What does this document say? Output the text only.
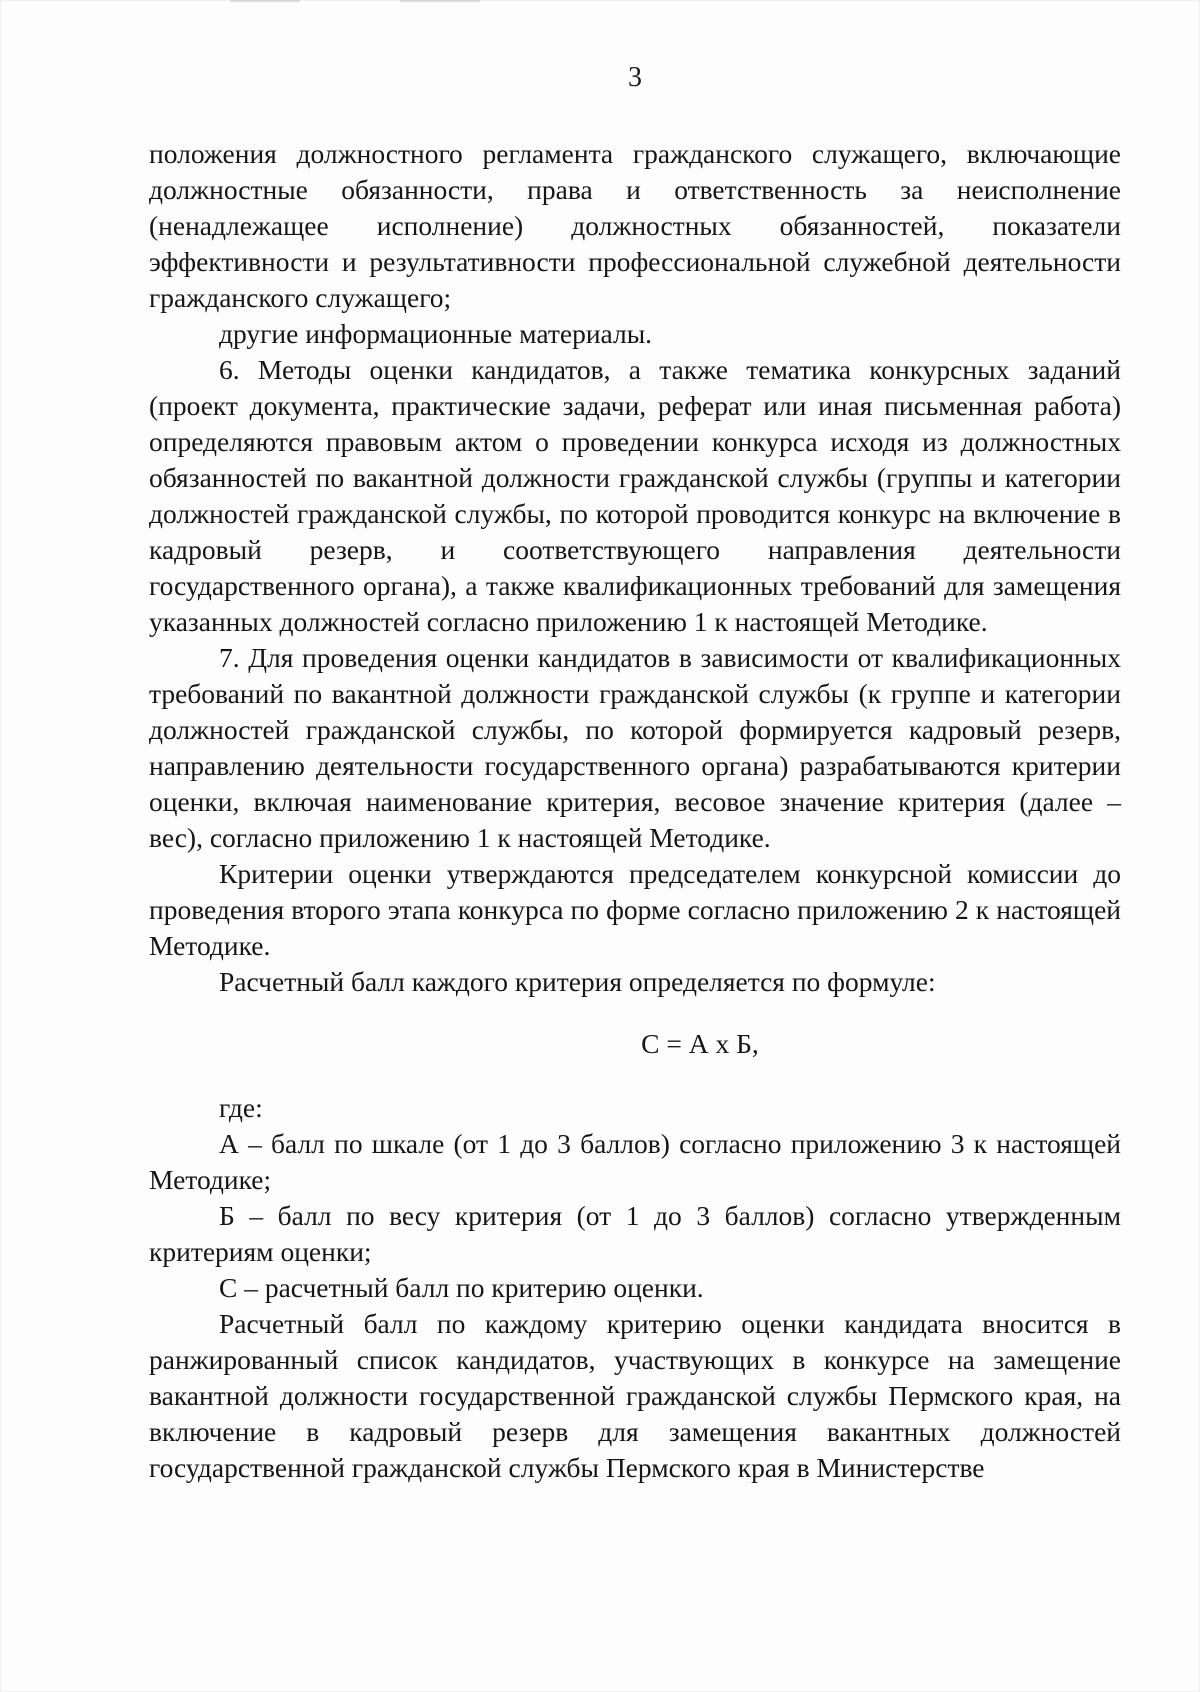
3

положения должностного регламента гражданского служащего, включающие должностные обязанности, права и ответственность за неисполнение (ненадлежащее исполнение) должностных обязанностей, показатели эффективности и результативности профессиональной служебной деятельности гражданского служащего;

другие информационные материалы.

6. Методы оценки кандидатов, а также тематика конкурсных заданий (проект документа, практические задачи, реферат или иная письменная работа) определяются правовым актом о проведении конкурса исходя из должностных обязанностей по вакантной должности гражданской службы (группы и категории должностей гражданской службы, по которой проводится конкурс на включение в кадровый резерв, и соответствующего направления деятельности государственного органа), а также квалификационных требований для замещения указанных должностей согласно приложению 1 к настоящей Методике.

7. Для проведения оценки кандидатов в зависимости от квалификационных требований по вакантной должности гражданской службы (к группе и категории должностей гражданской службы, по которой формируется кадровый резерв, направлению деятельности государственного органа) разрабатываются критерии оценки, включая наименование критерия, весовое значение критерия (далее – вес), согласно приложению 1 к настоящей Методике.

Критерии оценки утверждаются председателем конкурсной комиссии до проведения второго этапа конкурса по форме согласно приложению 2 к настоящей Методике.

Расчетный балл каждого критерия определяется по формуле:

С = А х Б,

где:

А – балл по шкале (от 1 до 3 баллов) согласно приложению 3 к настоящей Методике;

Б – балл по весу критерия (от 1 до 3 баллов) согласно утвержденным критериям оценки;

С – расчетный балл по критерию оценки.

Расчетный балл по каждому критерию оценки кандидата вносится в ранжированный список кандидатов, участвующих в конкурсе на замещение вакантной должности государственной гражданской службы Пермского края, на включение в кадровый резерв для замещения вакантных должностей государственной гражданской службы Пермского края в Министерстве
